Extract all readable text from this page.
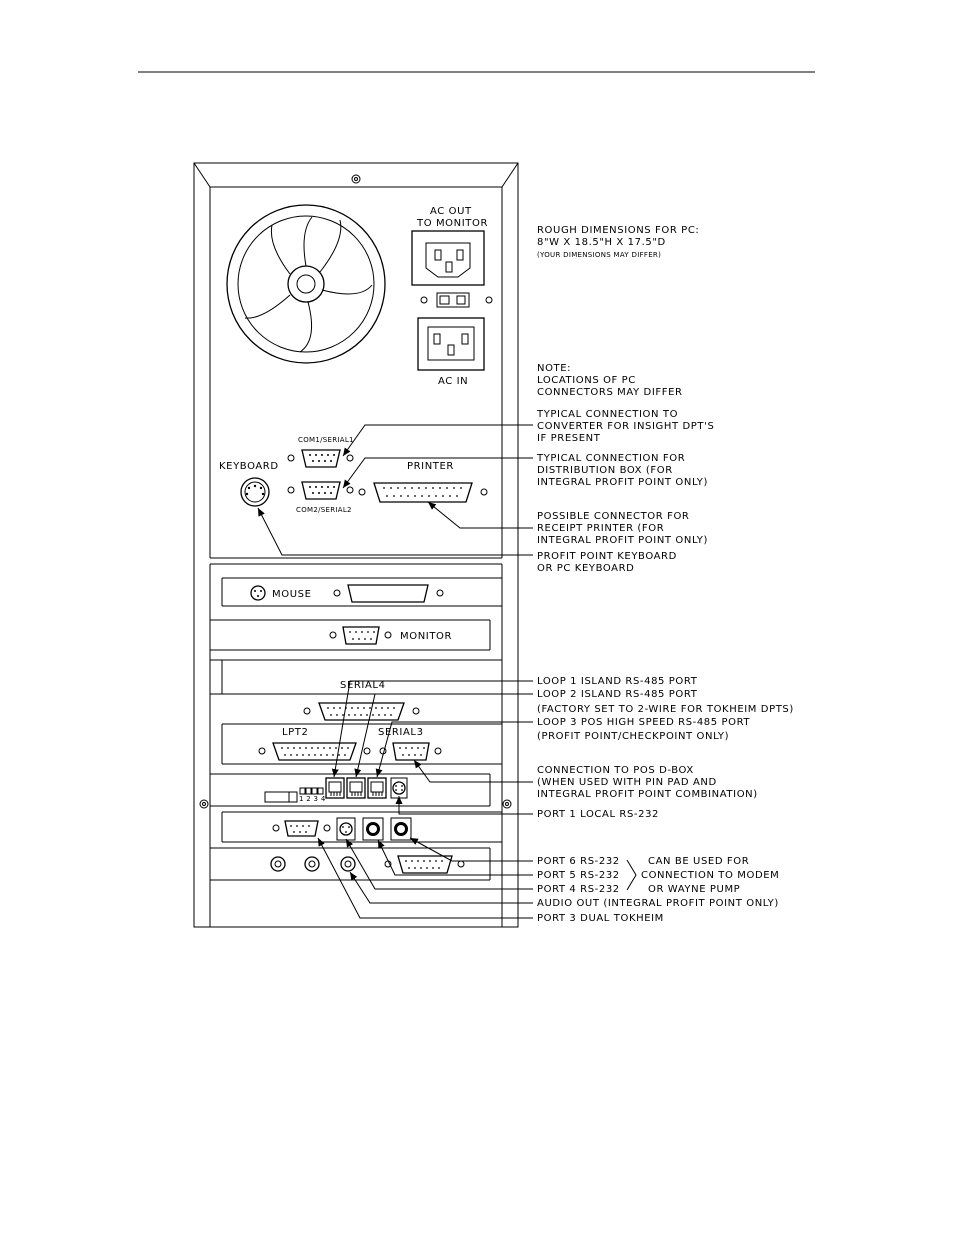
AC OUT
TO MONITOR
AC IN
COM1/SERIAL1
COM2/SERIAL2
KEYBOARD	PRINTER
MOUSE
MONITOR
SERIAL4
LPT2	SERIAL3
1 2 3 4
ROUGH DIMENSIONS FOR PC:
8"W X 18.5"H X 17.5"D
(YOUR DIMENSIONS MAY DIFFER)
NOTE:
LOCATIONS OF PC
CONNECTORS MAY DIFFER
TYPICAL CONNECTION TO
CONVERTER FOR INSIGHT DPT'S
IF PRESENT
TYPICAL CONNECTION FOR
DISTRIBUTION BOX (FOR
INTEGRAL PROFIT POINT ONLY)
POSSIBLE CONNECTOR FOR
RECEIPT PRINTER (FOR
INTEGRAL PROFIT POINT ONLY)
PROFIT POINT KEYBOARD
OR PC KEYBOARD
LOOP 1 ISLAND RS-485 PORT
LOOP 2 ISLAND RS-485 PORT
(FACTORY SET TO 2-WIRE FOR TOKHEIM DPTS)
LOOP 3 POS HIGH SPEED RS-485 PORT
(PROFIT POINT/CHECKPOINT ONLY)
CONNECTION TO POS D-BOX
(WHEN USED WITH PIN PAD AND
INTEGRAL PROFIT POINT COMBINATION)
PORT 1 LOCAL RS-232
PORT 6 RS-232
PORT 5 RS-232
PORT 4 RS-232
CAN BE USED FOR
CONNECTION TO MODEM
OR WAYNE PUMP
AUDIO OUT (INTEGRAL PROFIT POINT ONLY)
PORT 3 DUAL TOKHEIM
